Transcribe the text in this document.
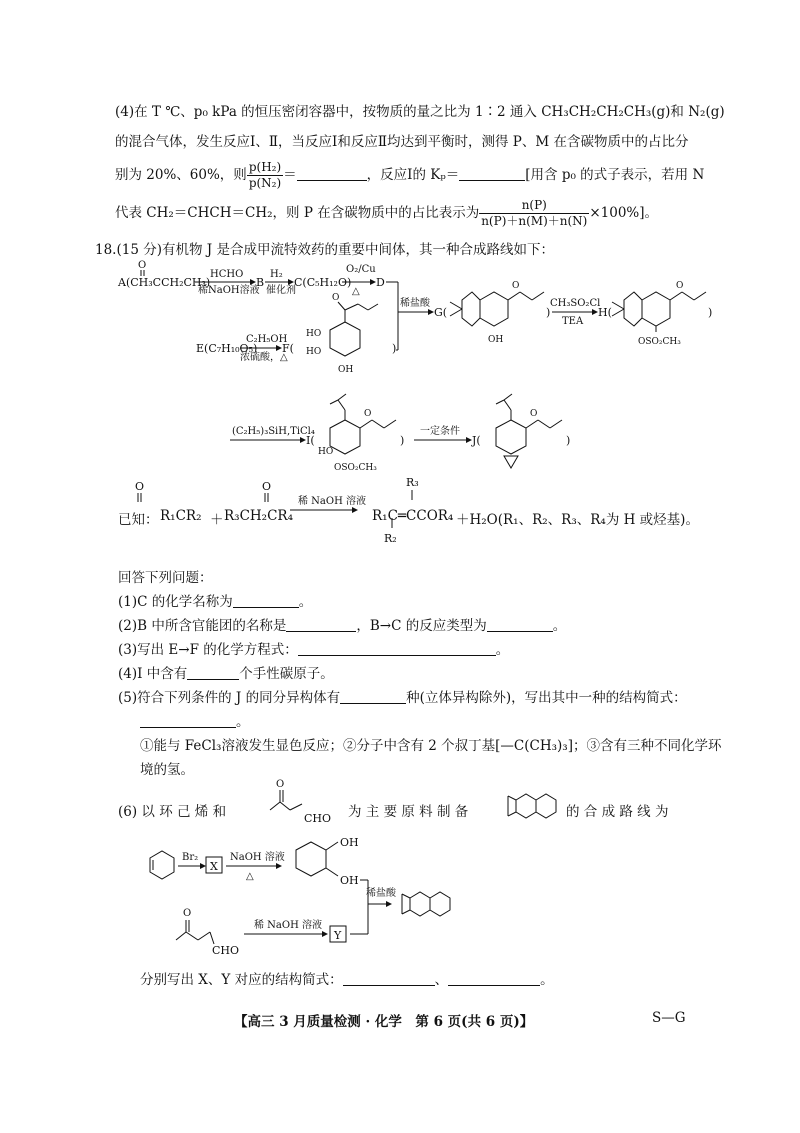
(4)在 T ℃、p₀ kPa 的恒压密闭容器中，按物质的量之比为 1∶2 通入 CH₃CH₂CH₂CH₃(g)和 N₂(g)
的混合气体，发生反应Ⅰ、Ⅱ，当反应Ⅰ和反应Ⅱ均达到平衡时，测得 P、M 在含碳物质中的占比分
别为 20%、60%，则 $\frac{\text{p(H₂)}}{\text{p(N₂)}}$ ＝	，反应Ⅰ的 Kₚ＝	[用含 p₀ 的式子表示，若用 N
代表 CH₂＝CHCH＝CH₂，则 P 在含碳物质中的占比表示为 $\frac{n(P)}{n(P)+n(M)+n(N)} \times 100\%$]。
18.(15 分)有机物 J 是合成甲流特效药的重要中间体，其一种合成路线如下：
O
A(CH₃CCH₂CH₃)
HCHO
稀NaOH溶液
B
H₂
催化剂
C(C₅H₁₂O)
O₂/Cu
△
D
E(C₇H₁₀O₅)
C₂H₅OH
浓硫酸，△
F(
O
HO
HO
OH
)
稀盐酸
G(
O
OH
)
CH₃SO₂Cl
TEA
H(
O
OSO₂CH₃
)
(C₂H₅)₃SiH,TiCl₄
I(
O
HO
OSO₂CH₃
)
一定条件
J(
O
)
O	O
稀 NaOH 溶液
R₃
R₂
O
CHO
Br₂
X
NaOH 溶液
△
OH
OH
稀盐酸
O
CHO
稀 NaOH 溶液
Y
已知： R₁CR₂ ＋ R₃CH₂CR₄	R₁C═CCOR₄ ＋H₂O(R₁、R₂、R₃、R₄为 H 或烃基)。
回答下列问题：
(1)C 的化学名称为	。
(2)B 中所含官能团的名称是	，B→C 的反应类型为	。
(3)写出 E→F 的化学方程式：	。
(4)I 中含有	个手性碳原子。
(5)符合下列条件的 J 的同分异构体有	种(立体异构除外)，写出其中一种的结构简式：
。
①能与 FeCl₃溶液发生显色反应；②分子中含有 2 个叔丁基[—C(CH₃)₃]；③含有三种不同化学环
境的氢。
(6) 以 环 己 烯 和	为 主 要 原 料 制 备	的 合 成 路 线 为
分别写出 X、Y 对应的结构简式：	、	。
【高三 3 月质量检测 · 化学　第 6 页(共 6 页)】	S—G
